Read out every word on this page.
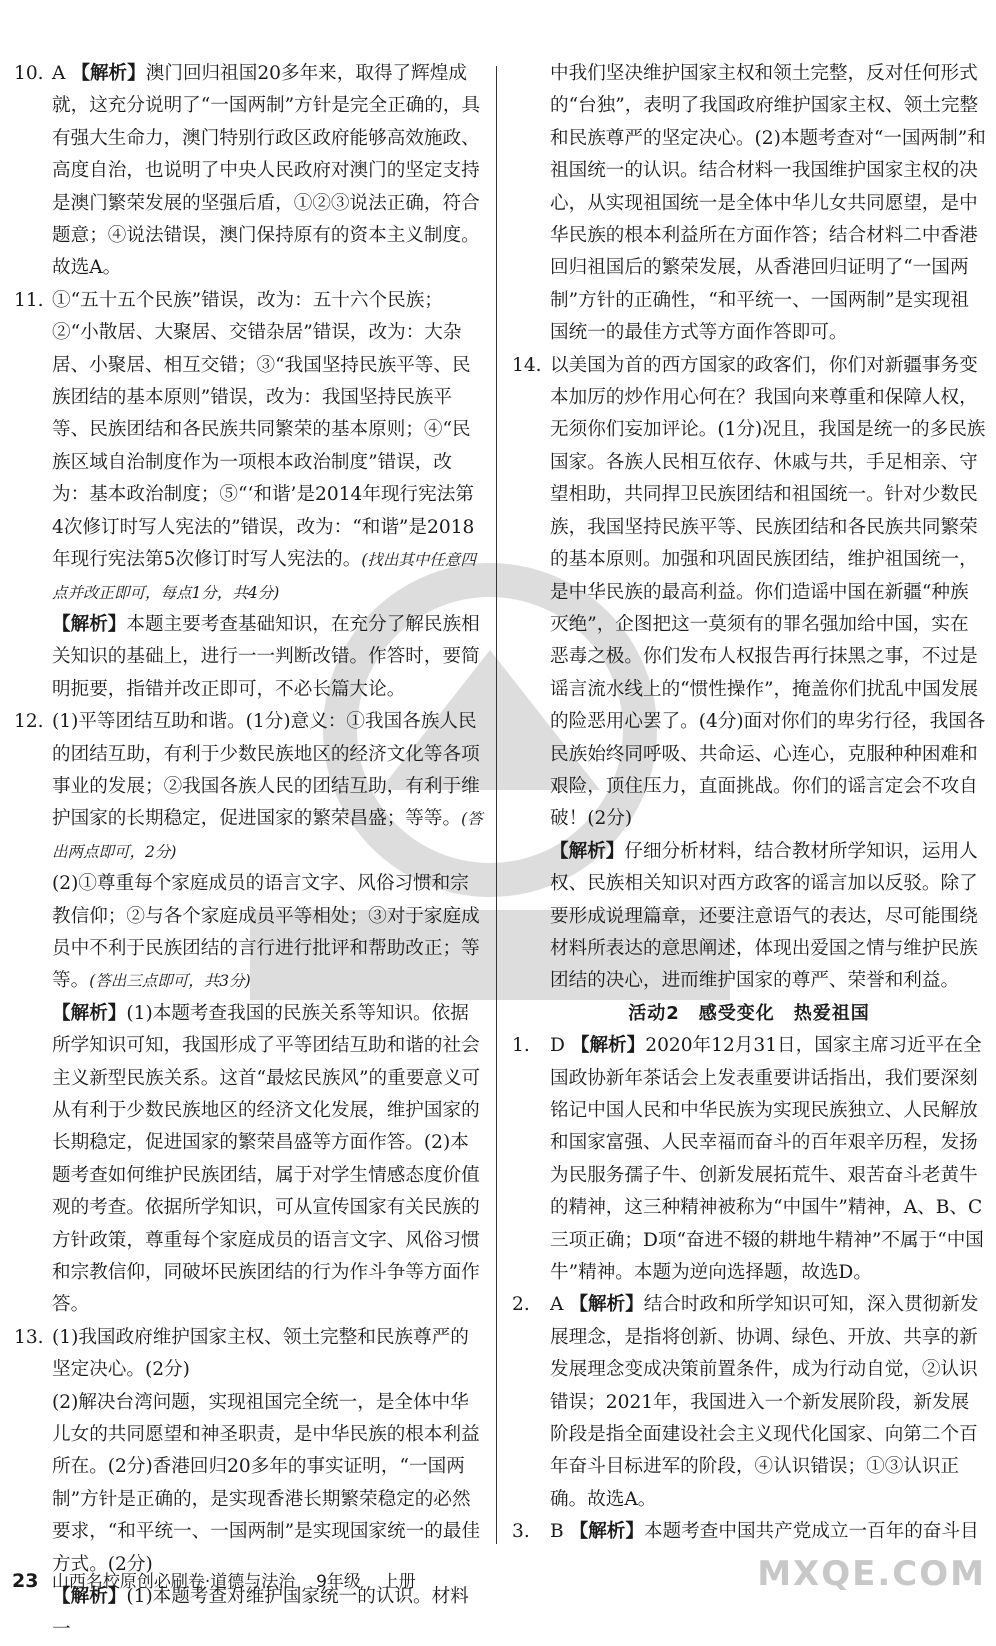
10. A 【解析】澳门回归祖国20多年来，取得了辉煌成就，这充分说明了“一国两制”方针是完全正确的，具有强大生命力，澳门特别行政区政府能够高效施政、高度自治，也说明了中央人民政府对澳门的坚定支持是澳门繁荣发展的坚强后盾，①②③说法正确，符合题意；④说法错误，澳门保持原有的资本主义制度。故选A。

11. ①“五十五个民族”错误，改为：五十六个民族；②“小散居、大聚居、交错杂居”错误，改为：大杂居、小聚居、相互交错；③“我国坚持民族平等、民族团结的基本原则”错误，改为：我国坚持民族平等、民族团结和各民族共同繁荣的基本原则；④“民族区域自治制度作为一项根本政治制度”错误，改为：基本政治制度；⑤“‘和谐’是2014年现行宪法第4次修订时写人宪法的”错误，改为：“和谐”是2018年现行宪法第5次修订时写人宪法的。(找出其中任意四点并改正即可，每点1分，共4分)

【解析】本题主要考查基础知识，在充分了解民族相关知识的基础上，进行一一判断改错。作答时，要简明扼要，指错并改正即可，不必长篇大论。

12. (1)平等团结互助和谐。(1分)意义：①我国各族人民的团结互助，有利于少数民族地区的经济文化等各项事业的发展；②我国各族人民的团结互助，有利于维护国家的长期稳定，促进国家的繁荣昌盛；等等。(答出两点即可，2分)

(2)①尊重每个家庭成员的语言文字、风俗习惯和宗教信仰；②与各个家庭成员平等相处；③对于家庭成员中不利于民族团结的言行进行批评和帮助改正；等等。(答出三点即可，共3分)

【解析】(1)本题考查我国的民族关系等知识。依据所学知识可知，我国形成了平等团结互助和谐的社会主义新型民族关系。这首“最炫民族风”的重要意义可从有利于少数民族地区的经济文化发展，维护国家的长期稳定，促进国家的繁荣昌盛等方面作答。(2)本题考查如何维护民族团结，属于对学生情感态度价值观的考查。依据所学知识，可从宣传国家有关民族的方针政策，尊重每个家庭成员的语言文字、风俗习惯和宗教信仰，同破坏民族团结的行为作斗争等方面作答。

13. (1)我国政府维护国家主权、领土完整和民族尊严的坚定决心。(2分)

(2)解决台湾问题，实现祖国完全统一，是全体中华儿女的共同愿望和神圣职责，是中华民族的根本利益所在。(2分)香港回归20多年的事实证明，“一国两制”方针是正确的，是实现香港长期繁荣稳定的必然要求，“和平统一、一国两制”是实现国家统一的最佳方式。(2分)

【解析】(1)本题考查对维护国家统一的认识。材料一

中我们坚决维护国家主权和领土完整，反对任何形式的“台独”，表明了我国政府维护国家主权、领土完整和民族尊严的坚定决心。(2)本题考查对“一国两制”和祖国统一的认识。结合材料一我国维护国家主权的决心，从实现祖国统一是全体中华儿女共同愿望，是中华民族的根本利益所在方面作答；结合材料二中香港回归祖国后的繁荣发展，从香港回归证明了“一国两制”方针的正确性，“和平统一、一国两制”是实现祖国统一的最佳方式等方面作答即可。

14. 以美国为首的西方国家的政客们，你们对新疆事务变本加厉的炒作用心何在？我国向来尊重和保障人权，无须你们妄加评论。(1分)况且，我国是统一的多民族国家。各族人民相互依存、休戚与共，手足相亲、守望相助，共同捍卫民族团结和祖国统一。针对少数民族，我国坚持民族平等、民族团结和各民族共同繁荣的基本原则。加强和巩固民族团结，维护祖国统一，是中华民族的最高利益。你们造谣中国在新疆“种族灭绝”，企图把这一莫须有的罪名强加给中国，实在恶毒之极。你们发布人权报告再行抹黑之事，不过是谣言流水线上的“惯性操作”，掩盖你们扰乱中国发展的险恶用心罢了。(4分)面对你们的卑劣行径，我国各民族始终同呼吸、共命运、心连心，克服种种困难和艰险，顶住压力，直面挑战。你们的谣言定会不攻自破！(2分)

【解析】仔细分析材料，结合教材所学知识，运用人权、民族相关知识对西方政客的谣言加以反驳。除了要形成说理篇章，还要注意语气的表达，尽可能围绕材料所表达的意思阐述，体现出爱国之情与维护民族团结的决心，进而维护国家的尊严、荣誉和利益。

活动2　感受变化　热爱祖国

1. D 【解析】2020年12月31日，国家主席习近平在全国政协新年茶话会上发表重要讲话指出，我们要深刻铭记中国人民和中华民族为实现民族独立、人民解放和国家富强、人民幸福而奋斗的百年艰辛历程，发扬为民服务孺子牛、创新发展拓荒牛、艰苦奋斗老黄牛的精神，这三种精神被称为“中国牛”精神，A、B、C三项正确；D项“奋进不辍的耕地牛精神”不属于“中国牛”精神。本题为逆向选择题，故选D。

2. A 【解析】结合时政和所学知识可知，深入贯彻新发展理念，是指将创新、协调、绿色、开放、共享的新发展理念变成决策前置条件，成为行动自觉，②认识错误；2021年，我国进入一个新发展阶段，新发展阶段是指全面建设社会主义现代化国家、向第二个百年奋斗目标进军的阶段，④认识错误；①③认识正确。故选A。

3. B 【解析】本题考查中国共产党成立一百年的奋斗目

23 山西名校原创必刷卷·道德与法治 9年级 上册	MXQE.COM
